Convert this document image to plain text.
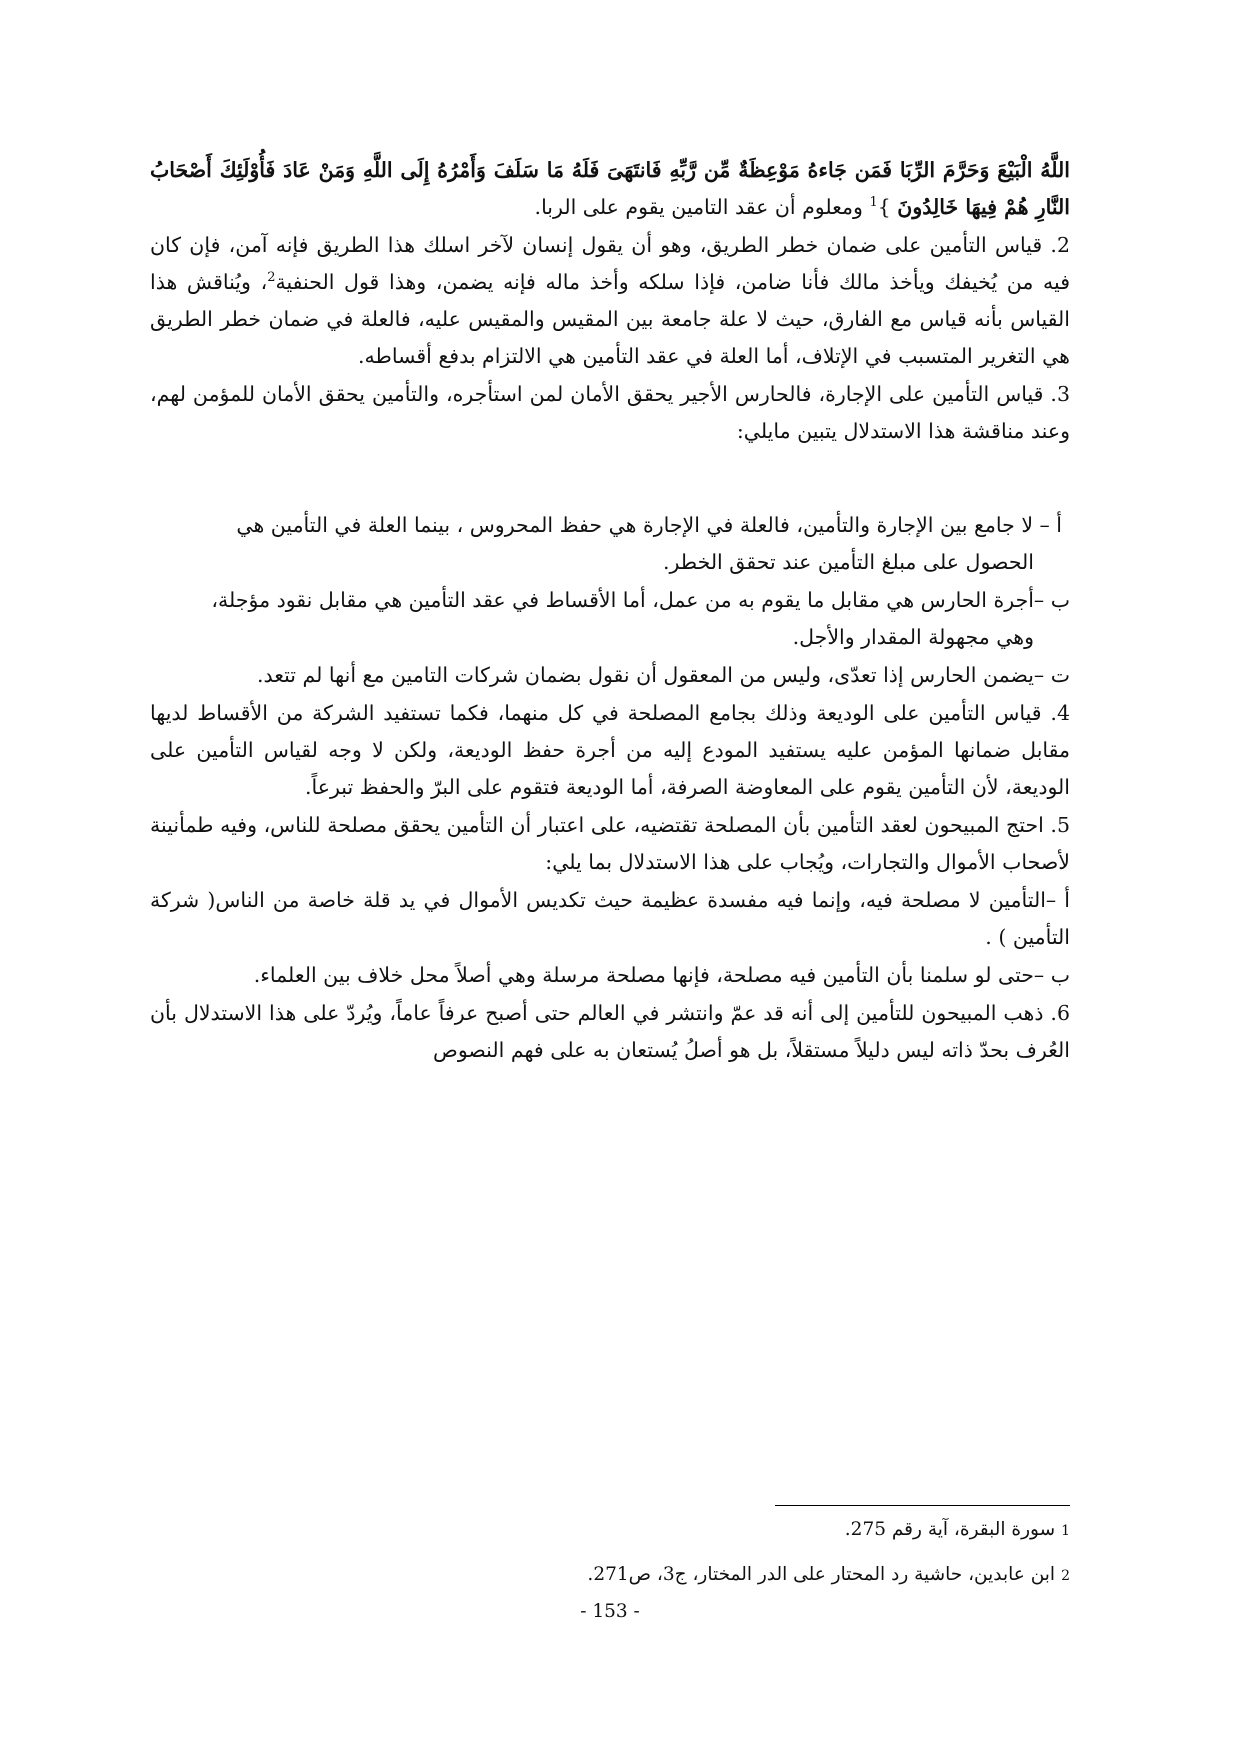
اللَّهُ الْبَيْعَ وَحَرَّمَ الرِّبَا فَمَن جَاءهُ مَوْعِظَةٌ مِّن رَّبِّهِ فَانتَهَىَ فَلَهُ مَا سَلَفَ وَأَمْرُهُ إِلَى اللَّهِ وَمَنْ عَادَ فَأُوْلَئِكَ أَصْحَابُ النَّارِ هُمْ فِيهَا خَالِدُونَ }$^1$ ومعلوم أن عقد التامين يقوم على الربا.

2. قياس التأمين على ضمان خطر الطريق، وهو أن يقول إنسان لآخر اسلك هذا الطريق فإنه آمن، فإن كان فيه من يُخيفك ويأخذ مالك فأنا ضامن، فإذا سلكه وأخذ ماله فإنه يضمن، وهذا قول الحنفية$^2$، ويُناقش هذا القياس بأنه قياس مع الفارق، حيث لا علة جامعة بين المقيس والمقيس عليه، فالعلة في ضمان خطر الطريق هي التغرير المتسبب في الإتلاف، أما العلة في عقد التأمين هي الالتزام بدفع أقساطه.

3. قياس التأمين على الإجارة، فالحارس الأجير يحقق الأمان لمن استأجره، والتأمين يحقق الأمان للمؤمن لهم، وعند مناقشة هذا الاستدلال يتبين مايلي:

أ – لا جامع بين الإجارة والتأمين، فالعلة في الإجارة هي حفظ المحروس ، بينما العلة في التأمين هي
الحصول على مبلغ التأمين عند تحقق الخطر.

ب –أجرة الحارس هي مقابل ما يقوم به من عمل، أما الأقساط في عقد التأمين هي مقابل نقود مؤجلة،
وهي مجهولة المقدار والأجل.

ت –يضمن الحارس إذا تعدّى، وليس من المعقول أن نقول بضمان شركات التامين مع أنها لم تتعد.

4. قياس التأمين على الوديعة وذلك بجامع المصلحة في كل منهما، فكما تستفيد الشركة من الأقساط لديها مقابل ضمانها المؤمن عليه يستفيد المودع إليه من أجرة حفظ الوديعة، ولكن لا وجه لقياس التأمين على الوديعة، لأن التأمين يقوم على المعاوضة الصرفة، أما الوديعة فتقوم على البرّ والحفظ تبرعاً.

5. احتج المبيحون لعقد التأمين بأن المصلحة تقتضيه، على اعتبار أن التأمين يحقق مصلحة للناس، وفيه طمأنينة لأصحاب الأموال والتجارات، ويُجاب على هذا الاستدلال بما يلي:

أ –التأمين لا مصلحة فيه، وإنما فيه مفسدة عظيمة حيث تكديس الأموال في يد قلة خاصة من الناس( شركة التأمين ) .

ب –حتى لو سلمنا بأن التأمين فيه مصلحة، فإنها مصلحة مرسلة وهي أصلاً محل خلاف بين العلماء.

6. ذهب المبيحون للتأمين إلى أنه قد عمّ وانتشر في العالم حتى أصبح عرفاً عاماً، ويُردّ على هذا الاستدلال بأن العُرف بحدّ ذاته ليس دليلاً مستقلاً، بل هو أصلُ يُستعان به على فهم النصوص

1سورة البقرة، آية رقم 275.
2ابن عابدين، حاشية رد المحتار على الدر المختار، ج3، ص271.
- 153 -
